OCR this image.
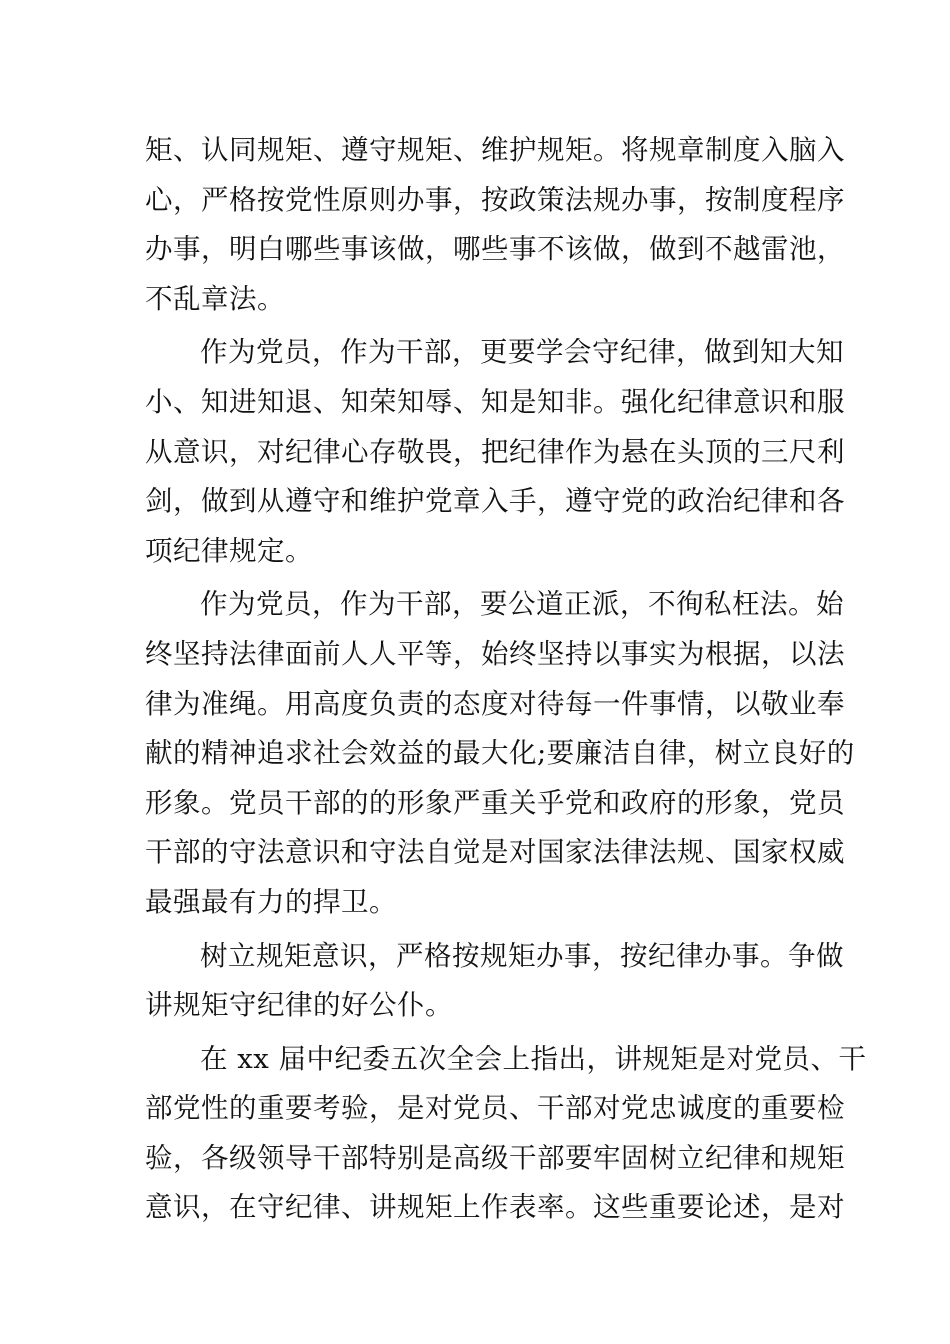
矩、认同规矩、遵守规矩、维护规矩。将规章制度入脑入
心，严格按党性原则办事，按政策法规办事，按制度程序
办事，明白哪些事该做，哪些事不该做，做到不越雷池，
不乱章法。
作为党员，作为干部，更要学会守纪律，做到知大知
小、知进知退、知荣知辱、知是知非。强化纪律意识和服
从意识，对纪律心存敬畏，把纪律作为悬在头顶的三尺利
剑，做到从遵守和维护党章入手，遵守党的政治纪律和各
项纪律规定。
作为党员，作为干部，要公道正派，不徇私枉法。始
终坚持法律面前人人平等，始终坚持以事实为根据，以法
律为准绳。用高度负责的态度对待每一件事情，以敬业奉
献的精神追求社会效益的最大化;要廉洁自律，树立良好的
形象。党员干部的的形象严重关乎党和政府的形象，党员
干部的守法意识和守法自觉是对国家法律法规、国家权威
最强最有力的捍卫。
树立规矩意识，严格按规矩办事，按纪律办事。争做
讲规矩守纪律的好公仆。
在 xx 届中纪委五次全会上指出，讲规矩是对党员、干
部党性的重要考验，是对党员、干部对党忠诚度的重要检
验，各级领导干部特别是高级干部要牢固树立纪律和规矩
意识，在守纪律、讲规矩上作表率。这些重要论述，是对
